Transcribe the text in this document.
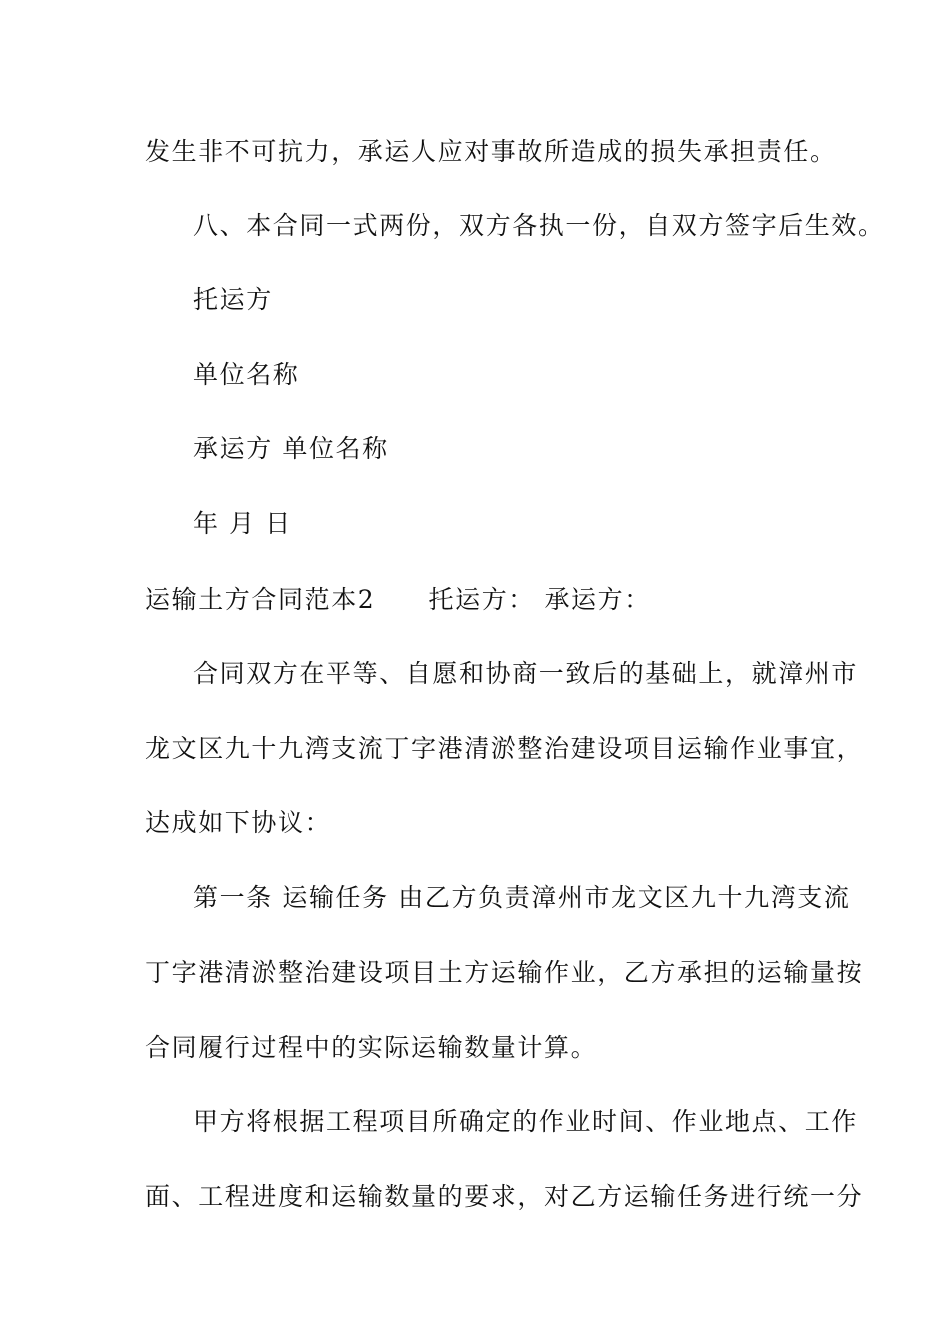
发生非不可抗力，承运人应对事故所造成的损失承担责任。
八、本合同一式两份，双方各执一份，自双方签字后生效。
托运方
单位名称
承运方 单位名称
年 月 日
运输土方合同范本2　　托运方： 承运方：
合同双方在平等、自愿和协商一致后的基础上，就漳州市
龙文区九十九湾支流丁字港清淤整治建设项目运输作业事宜，
达成如下协议：
第一条 运输任务 由乙方负责漳州市龙文区九十九湾支流
丁字港清淤整治建设项目土方运输作业，乙方承担的运输量按
合同履行过程中的实际运输数量计算。
甲方将根据工程项目所确定的作业时间、作业地点、工作
面、工程进度和运输数量的要求，对乙方运输任务进行统一分
